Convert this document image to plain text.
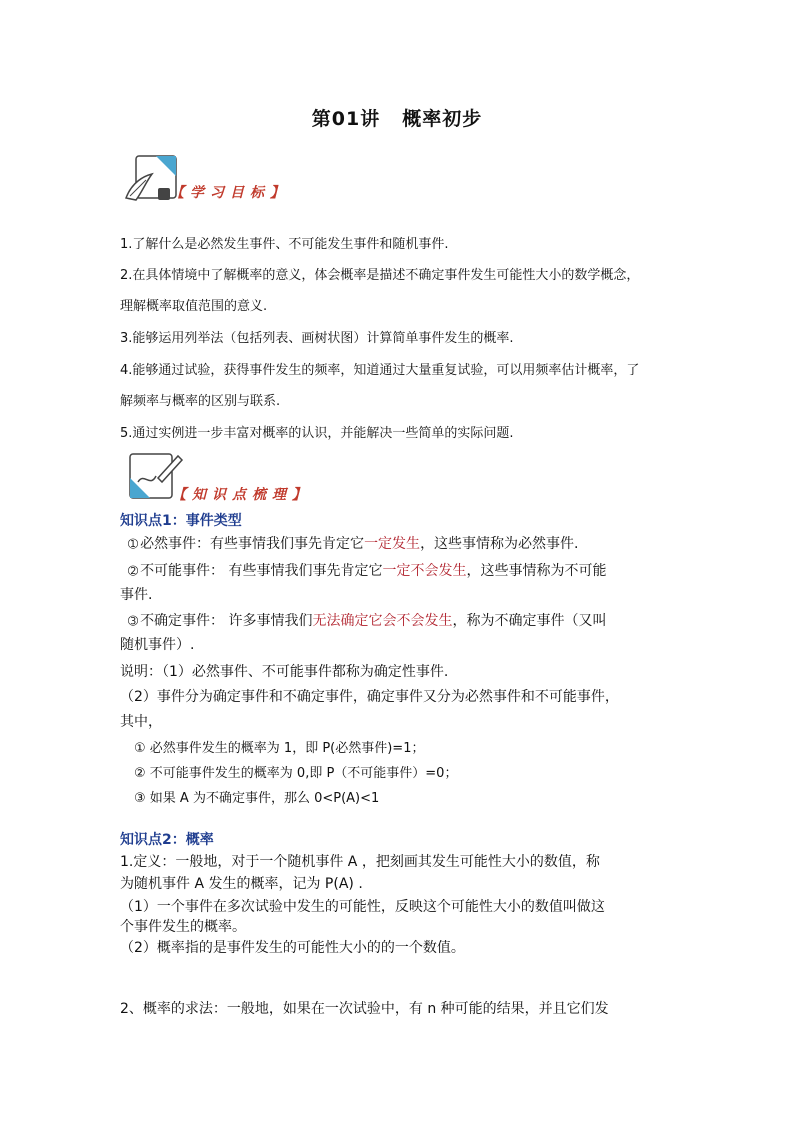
第01讲 概率初步
【学习目标】
1.了解什么是必然发生事件、不可能发生事件和随机事件.
2.在具体情境中了解概率的意义，体会概率是描述不确定事件发生可能性大小的数学概念，
理解概率取值范围的意义.
3.能够运用列举法（包括列表、画树状图）计算简单事件发生的概率.
4.能够通过试验，获得事件发生的频率，知道通过大量重复试验，可以用频率估计概率，了
解频率与概率的区别与联系.
5.通过实例进一步丰富对概率的认识，并能解决一些简单的实际问题.
【知识点梳理】
知识点1：事件类型
➀ 必然事件：有些事情我们事先肯定它一定发生，这些事情称为必然事件.
➁ 不可能事件： 有些事情我们事先肯定它一定不会发生，这些事情称为不可能
事件.
➂ 不确定事件： 许多事情我们无法确定它会不会发生，称为不确定事件（又叫
随机事件）.
说明：（1）必然事件、不可能事件都称为确定性事件.
（2）事件分为确定事件和不确定事件，确定事件又分为必然事件和不可能事件，
其中，
① 必然事件发生的概率为 1，即 P(必然事件)=1；
② 不可能事件发生的概率为 0,即 P（不可能事件）=0；
③ 如果 A 为不确定事件，那么 0<P(A)<1
知识点2：概率
1.定义：一般地，对于一个随机事件 A ，把刻画其发生可能性大小的数值，称
为随机事件 A 发生的概率，记为 P(A) .
（1）一个事件在多次试验中发生的可能性，反映这个可能性大小的数值叫做这
个事件发生的概率。
（2）概率指的是事件发生的可能性大小的的一个数值。
2、概率的求法：一般地，如果在一次试验中，有 n 种可能的结果，并且它们发
